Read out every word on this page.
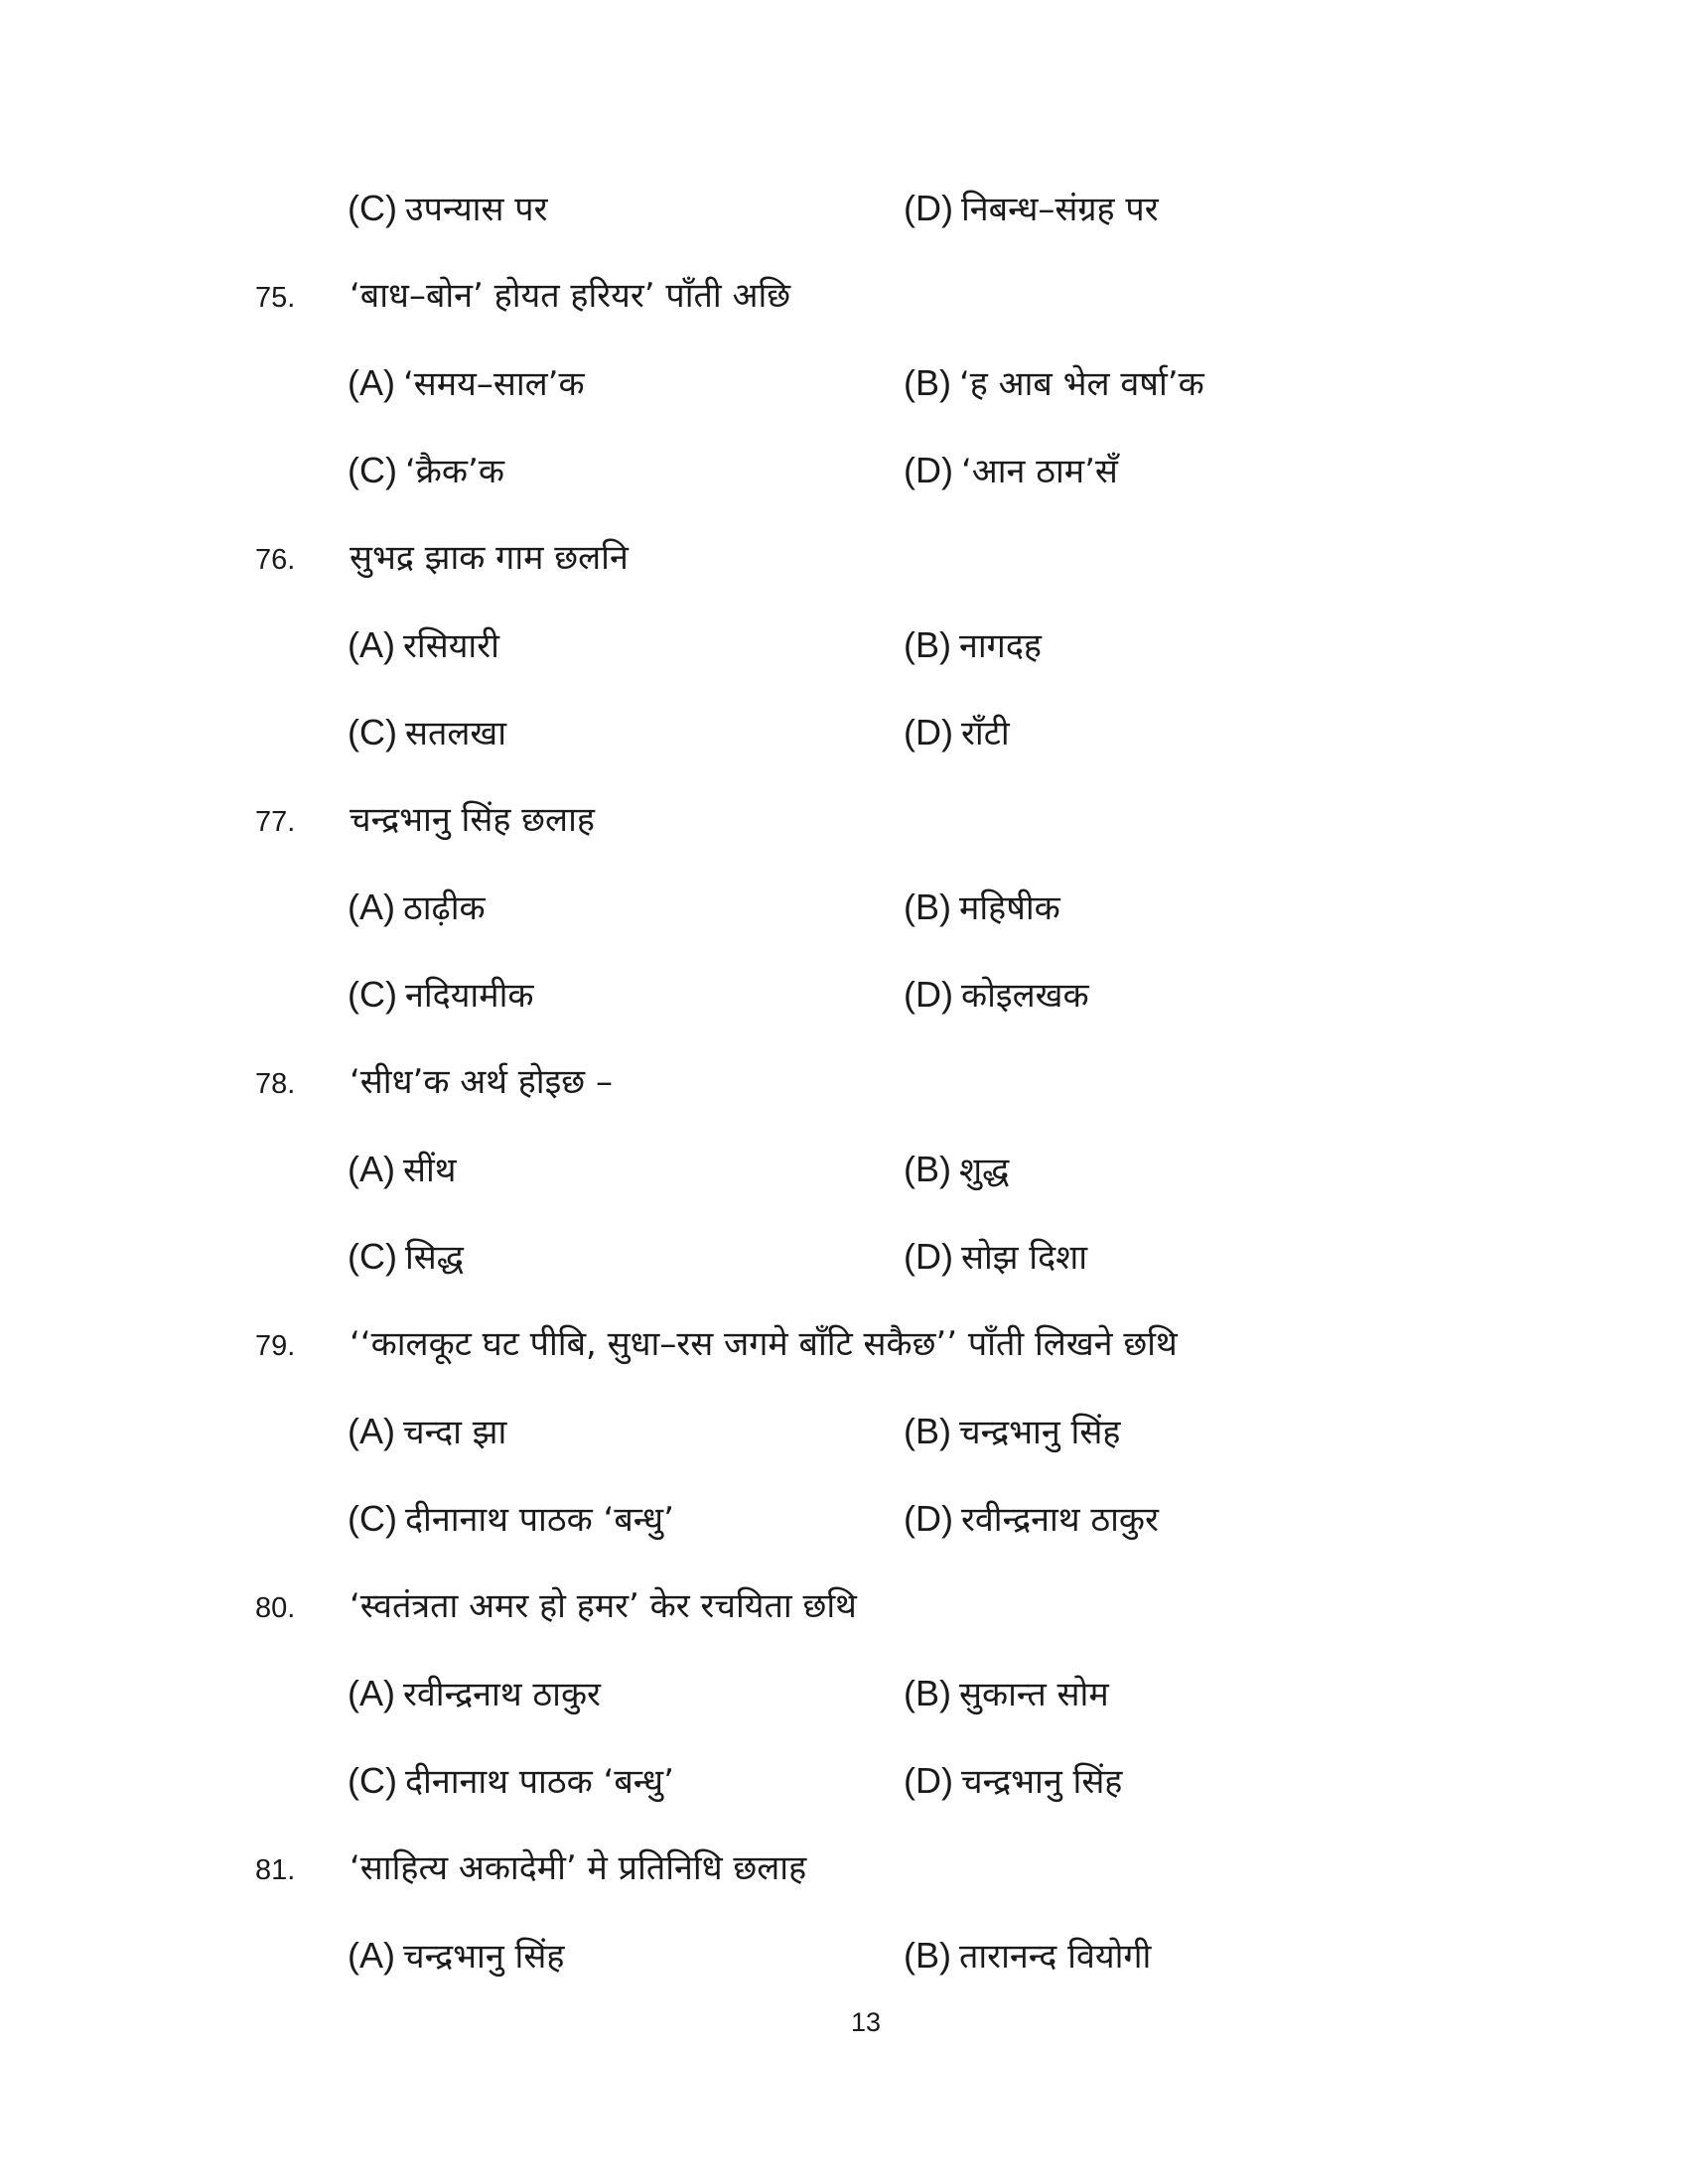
(C) उपन्यास पर	(D) निबन्ध–संग्रह पर
75. ‘बाध–बोन’ होयत हरियर’ पाँती अछि
(A) ‘समय–साल’क	(B) ‘ह आब भेल वर्षा’क
(C) ‘क्रैक’क	(D) ‘आन ठाम’सँ
76. सुभद्र झाक गाम छलनि
(A) रसियारी	(B) नागदह
(C) सतलखा	(D) राँटी
77. चन्द्रभानु सिंह छलाह
(A) ठाढ़ीक	(B) महिषीक
(C) नदियामीक	(D) कोइलखक
78. ‘सीध’क अर्थ होइछ –
(A) सींथ	(B) शुद्ध
(C) सिद्ध	(D) सोझ दिशा
79. ‘‘कालकूट घट पीबि, सुधा–रस जगमे बाँटि सकैछ’’ पाँती लिखने छथि
(A) चन्दा झा	(B) चन्द्रभानु सिंह
(C) दीनानाथ पाठक ‘बन्धु’	(D) रवीन्द्रनाथ ठाकुर
80. ‘स्वतंत्रता अमर हो हमर’ केर रचयिता छथि
(A) रवीन्द्रनाथ ठाकुर	(B) सुकान्त सोम
(C) दीनानाथ पाठक ‘बन्धु’	(D) चन्द्रभानु सिंह
81. ‘साहित्य अकादेमी’ मे प्रतिनिधि छलाह
(A) चन्द्रभानु सिंह	(B) तारानन्द वियोगी
13
